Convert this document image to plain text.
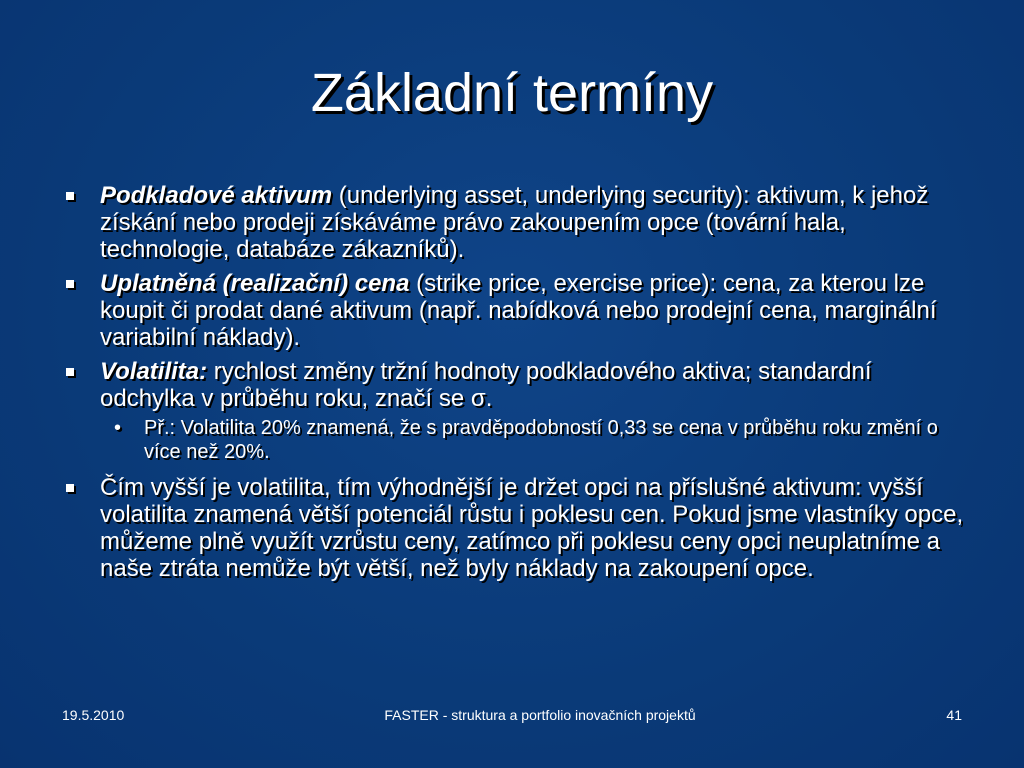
Základní termíny
Podkladové aktivum (underlying asset, underlying security): aktivum, k jehož získání nebo prodeji získáváme právo zakoupením opce (tovární hala, technologie, databáze zákazníků).
Uplatněná (realizační) cena (strike price, exercise price): cena, za kterou lze koupit či prodat dané aktivum (např. nabídková nebo prodejní cena, marginální variabilní náklady).
Volatilita: rychlost změny tržní hodnoty podkladového aktiva; standardní odchylka v průběhu roku, značí se σ.
• Př.: Volatilita 20% znamená, že s pravděpodobností 0,33 se cena v průběhu roku změní o více než 20%.
Čím vyšší je volatilita, tím výhodnější je držet opci na příslušné aktivum: vyšší volatilita znamená větší potenciál růstu i poklesu cen. Pokud jsme vlastníky opce, můžeme plně využít vzrůstu ceny, zatímco při poklesu ceny opci neuplatníme a naše ztráta nemůže být větší, než byly náklady na zakoupení opce.
19.5.2010	FASTER - struktura a portfolio inovačních projektů	41
